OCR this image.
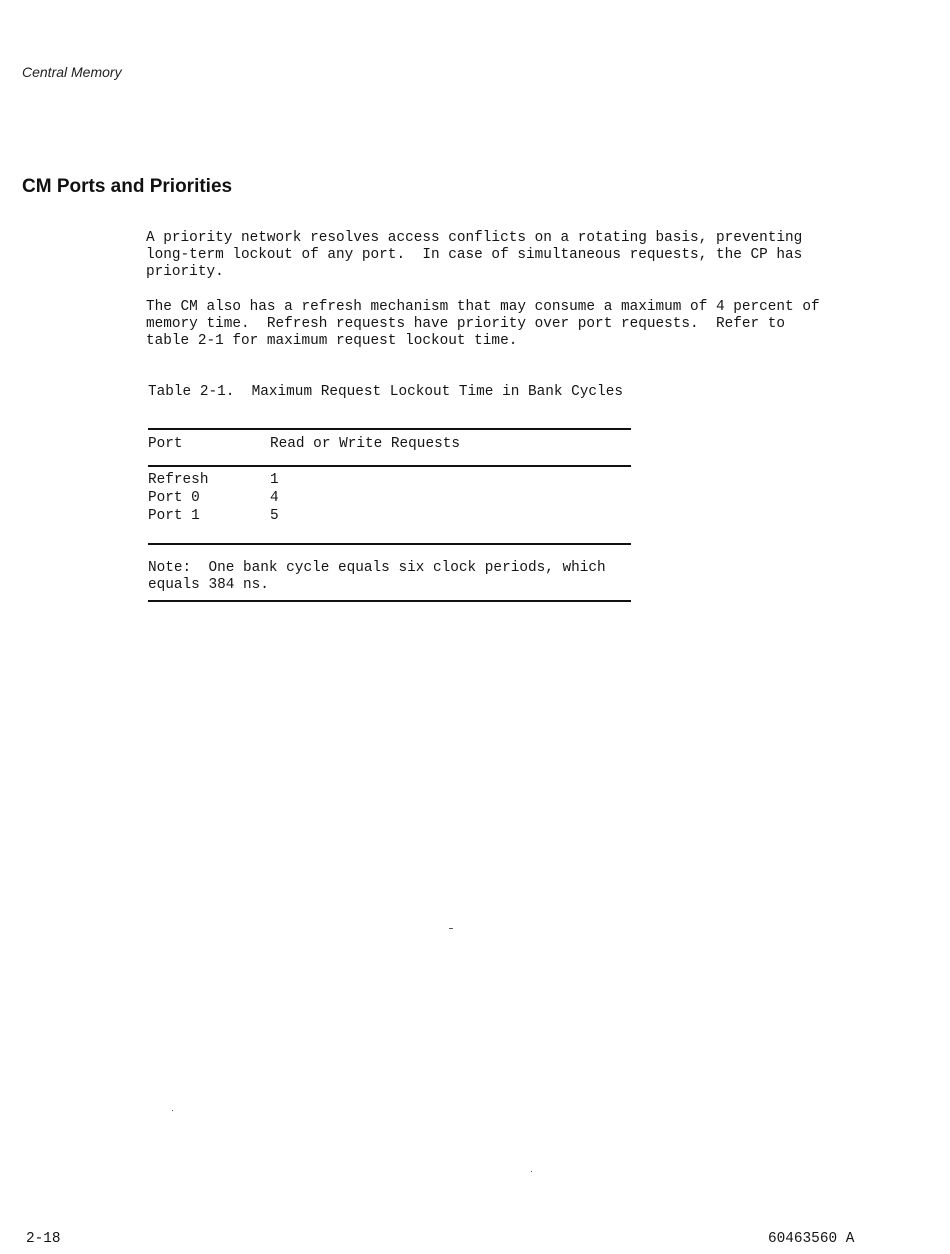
Central Memory
CM Ports and Priorities

A priority network resolves access conflicts on a rotating basis, preventing
long-term lockout of any port.  In case of simultaneous requests, the CP has
priority.

The CM also has a refresh mechanism that may consume a maximum of 4 percent of
memory time.  Refresh requests have priority over port requests.  Refer to
table 2-1 for maximum request lockout time.

Table 2-1.  Maximum Request Lockout Time in Bank Cycles

Port	Read or Write Requests

Refresh	1

Port 0	4

Port 1	5

Note:  One bank cycle equals six clock periods, which
equals 384 ns.

2-18	60463560 A
